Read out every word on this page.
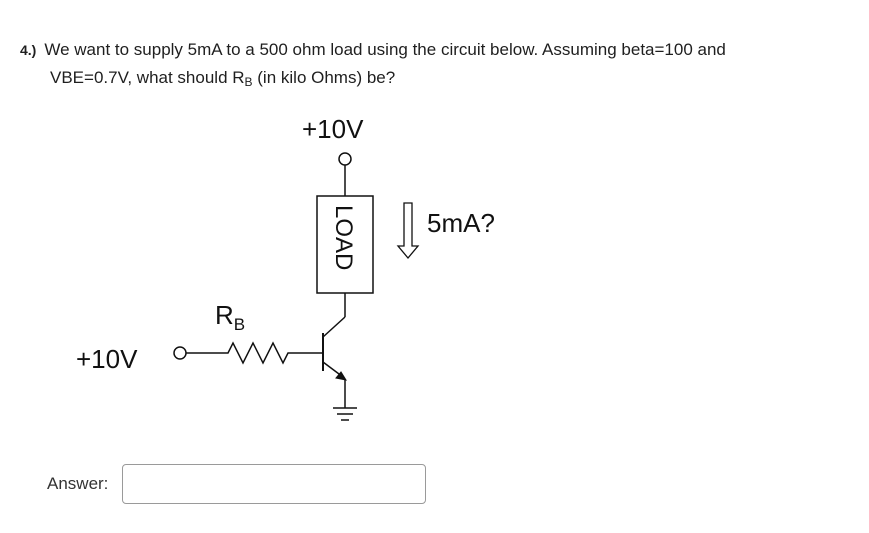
4.) We want to supply 5mA to a 500 ohm load using the circuit below. Assuming beta=100 and
VBE=0.7V, what should $R_B$ (in kilo Ohms) be?
+10V
LOAD	5mA?
$R_B$
+10V
Answer:
